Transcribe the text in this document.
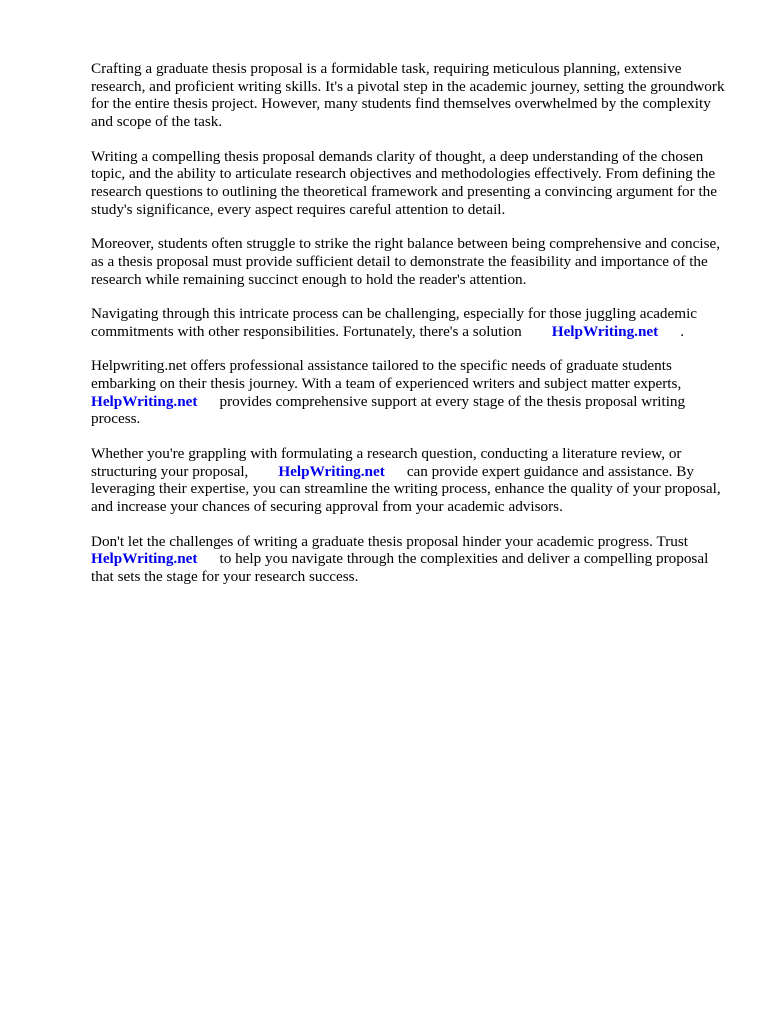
Crafting a graduate thesis proposal is a formidable task, requiring meticulous planning, extensive research, and proficient writing skills. It's a pivotal step in the academic journey, setting the groundwork for the entire thesis project. However, many students find themselves overwhelmed by the complexity and scope of the task.

Writing a compelling thesis proposal demands clarity of thought, a deep understanding of the chosen topic, and the ability to articulate research objectives and methodologies effectively. From defining the research questions to outlining the theoretical framework and presenting a convincing argument for the study's significance, every aspect requires careful attention to detail.

Moreover, students often struggle to strike the right balance between being comprehensive and concise, as a thesis proposal must provide sufficient detail to demonstrate the feasibility and importance of the research while remaining succinct enough to hold the reader's attention.

Navigating through this intricate process can be challenging, especially for those juggling academic commitments with other responsibilities. Fortunately, there's a solution HelpWriting.net .

Helpwriting.net offers professional assistance tailored to the specific needs of graduate students embarking on their thesis journey. With a team of experienced writers and subject matter experts, HelpWriting.net provides comprehensive support at every stage of the thesis proposal writing process.

Whether you're grappling with formulating a research question, conducting a literature review, or structuring your proposal, HelpWriting.net can provide expert guidance and assistance. By leveraging their expertise, you can streamline the writing process, enhance the quality of your proposal, and increase your chances of securing approval from your academic advisors.

Don't let the challenges of writing a graduate thesis proposal hinder your academic progress. Trust HelpWriting.net to help you navigate through the complexities and deliver a compelling proposal that sets the stage for your research success.
